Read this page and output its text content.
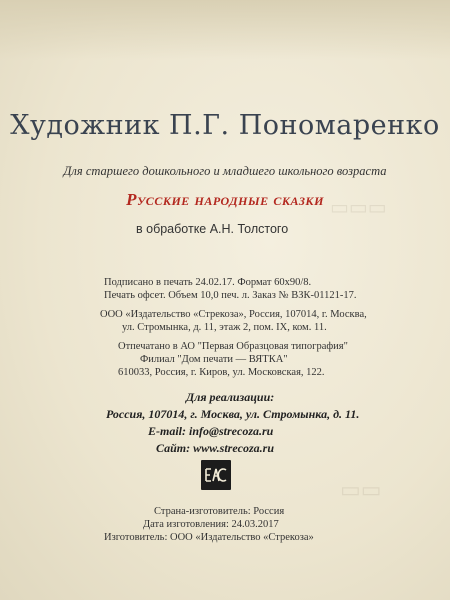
▭▭▭
▭▭
Художник П.Г. Пономаренко
Для старшего дошкольного и младшего школьного возраста
Русские народные сказки
в обработке А.Н. Толстого
Подписано в печать 24.02.17. Формат 60х90/8.
Печать офсет. Объем 10,0 печ. л. Заказ № ВЗК-01121-17.
ООО «Издательство «Стрекоза», Россия, 107014, г. Москва,
ул. Стромынка, д. 11, этаж 2, пом. IX, ком. 11.
Отпечатано в АО "Первая Образцовая типография"
Филиал "Дом печати — ВЯТКА"
610033, Россия, г. Киров, ул. Московская, 122.
Для реализации:
Россия, 107014, г. Москва, ул. Стромынка, д. 11.
E-mail: info@strecoza.ru
Сайт: www.strecoza.ru
Страна-изготовитель: Россия
Дата изготовления: 24.03.2017
Изготовитель: ООО «Издательство «Стрекоза»
